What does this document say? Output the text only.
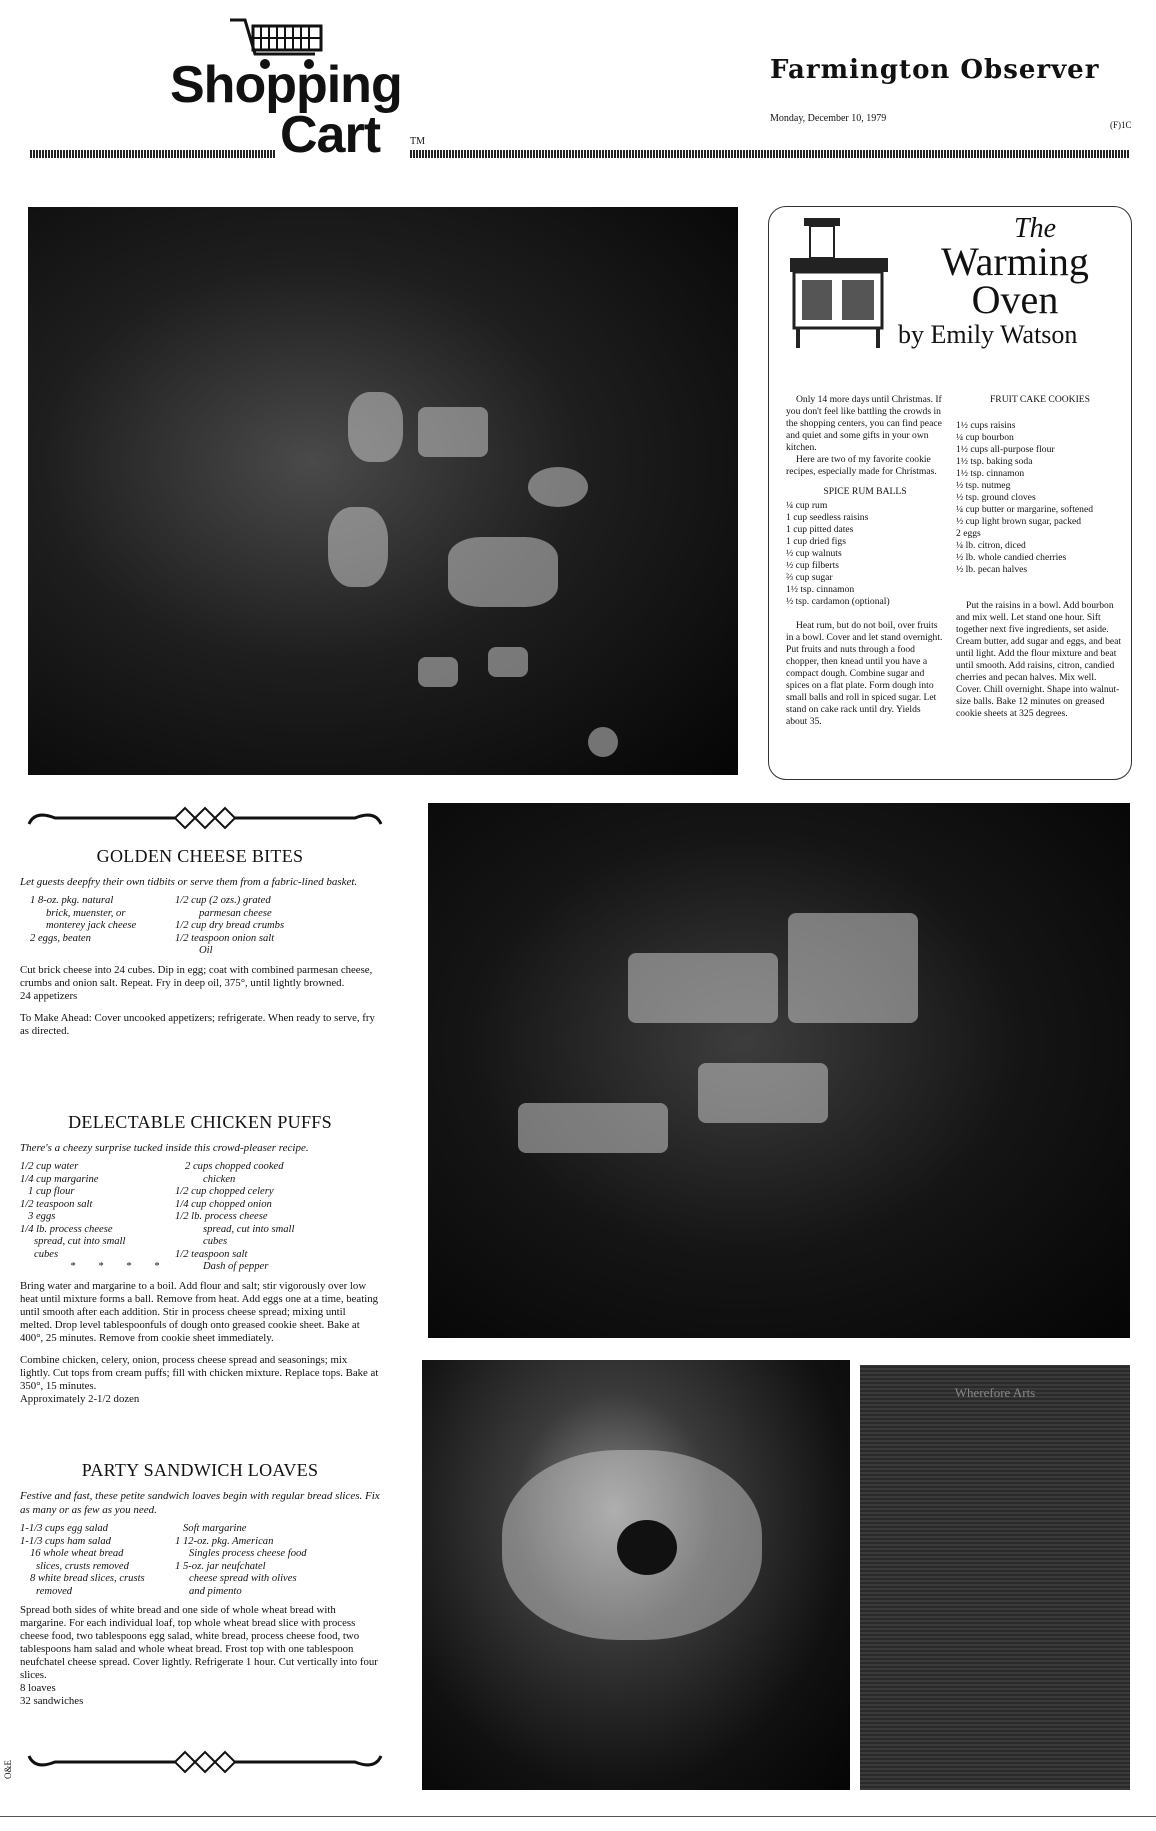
Shopping
Cart	TM
Farmington Observer
Monday, December 10, 1979
(F)1C
The
Warming
Oven
by Emily Watson

Only 14 more days until Christmas. If you don't feel like battling the crowds in the shopping centers, you can find peace and quiet and some gifts in your own kitchen.

Here are two of my favorite cookie recipes, especially made for Christmas.

SPICE RUM BALLS

¼ cup rum
1 cup seedless raisins
1 cup pitted dates
1 cup dried figs
½ cup walnuts
½ cup filberts
⅔ cup sugar
1½ tsp. cinnamon
½ tsp. cardamon (optional)

Heat rum, but do not boil, over fruits in a bowl. Cover and let stand overnight. Put fruits and nuts through a food chopper, then knead until you have a compact dough. Combine sugar and spices on a flat plate. Form dough into small balls and roll in spiced sugar. Let stand on cake rack until dry. Yields about 35.

FRUIT CAKE COOKIES

1½ cups raisins
¼ cup bourbon
1½ cups all-purpose flour
1½ tsp. baking soda
1½ tsp. cinnamon
½ tsp. nutmeg
½ tsp. ground cloves
¼ cup butter or margarine, softened
½ cup light brown sugar, packed
2 eggs
¼ lb. citron, diced
½ lb. whole candied cherries
½ lb. pecan halves

Put the raisins in a bowl. Add bourbon and mix well. Let stand one hour. Sift together next five ingredients, set aside. Cream butter, add sugar and eggs, and beat until light. Add the flour mixture and beat until smooth. Add raisins, citron, candied cherries and pecan halves. Mix well. Cover. Chill overnight. Shape into walnut-size balls. Bake 12 minutes on greased cookie sheets at 325 degrees.

GOLDEN CHEESE BITES

Let guests deepfry their own tidbits or serve them from a fabric-lined basket.

1 8-oz. pkg. natural
brick, muenster, or
monterey jack cheese
2 eggs, beaten
1/2 cup (2 ozs.) grated
parmesan cheese
1/2 cup dry bread crumbs
1/2 teaspoon onion salt
Oil

Cut brick cheese into 24 cubes. Dip in egg; coat with combined parmesan cheese, crumbs and onion salt. Repeat. Fry in deep oil, 375°, until lightly browned.

24 appetizers

To Make Ahead: Cover uncooked appetizers; refrigerate. When ready to serve, fry as directed.

DELECTABLE CHICKEN PUFFS

There's a cheezy surprise tucked inside this crowd-pleaser recipe.

1/2 cup water
1/4 cup margarine
1 cup flour
1/2 teaspoon salt
3 eggs
1/4 lb. process cheese
spread, cut into small
cubes
* * * *
2 cups chopped cooked
chicken
1/2 cup chopped celery
1/4 cup chopped onion
1/2 lb. process cheese
spread, cut into small
cubes
1/2 teaspoon salt
Dash of pepper

Bring water and margarine to a boil. Add flour and salt; stir vigorously over low heat until mixture forms a ball. Remove from heat. Add eggs one at a time, beating until smooth after each addition. Stir in process cheese spread; mixing until melted. Drop level tablespoonfuls of dough onto greased cookie sheet. Bake at 400°, 25 minutes. Remove from cookie sheet immediately.

Combine chicken, celery, onion, process cheese spread and seasonings; mix lightly. Cut tops from cream puffs; fill with chicken mixture. Replace tops. Bake at 350°, 15 minutes.

Approximately 2-1/2 dozen

PARTY SANDWICH LOAVES

Festive and fast, these petite sandwich loaves begin with regular bread slices. Fix as many or as few as you need.

1-1/3 cups egg salad
1-1/3 cups ham salad
16 whole wheat bread
slices, crusts removed
8 white bread slices, crusts
removed
Soft margarine
1 12-oz. pkg. American
Singles process cheese food
1 5-oz. jar neufchatel
cheese spread with olives
and pimento

Spread both sides of white bread and one side of whole wheat bread with margarine. For each individual loaf, top whole wheat bread slice with process cheese food, two tablespoons egg salad, white bread, process cheese food, two tablespoons ham salad and whole wheat bread. Frost top with one tablespoon neufchatel cheese spread. Cover lightly. Refrigerate 1 hour. Cut vertically into four slices.

8 loaves

32 sandwiches

Wherefore Arts
O&E
